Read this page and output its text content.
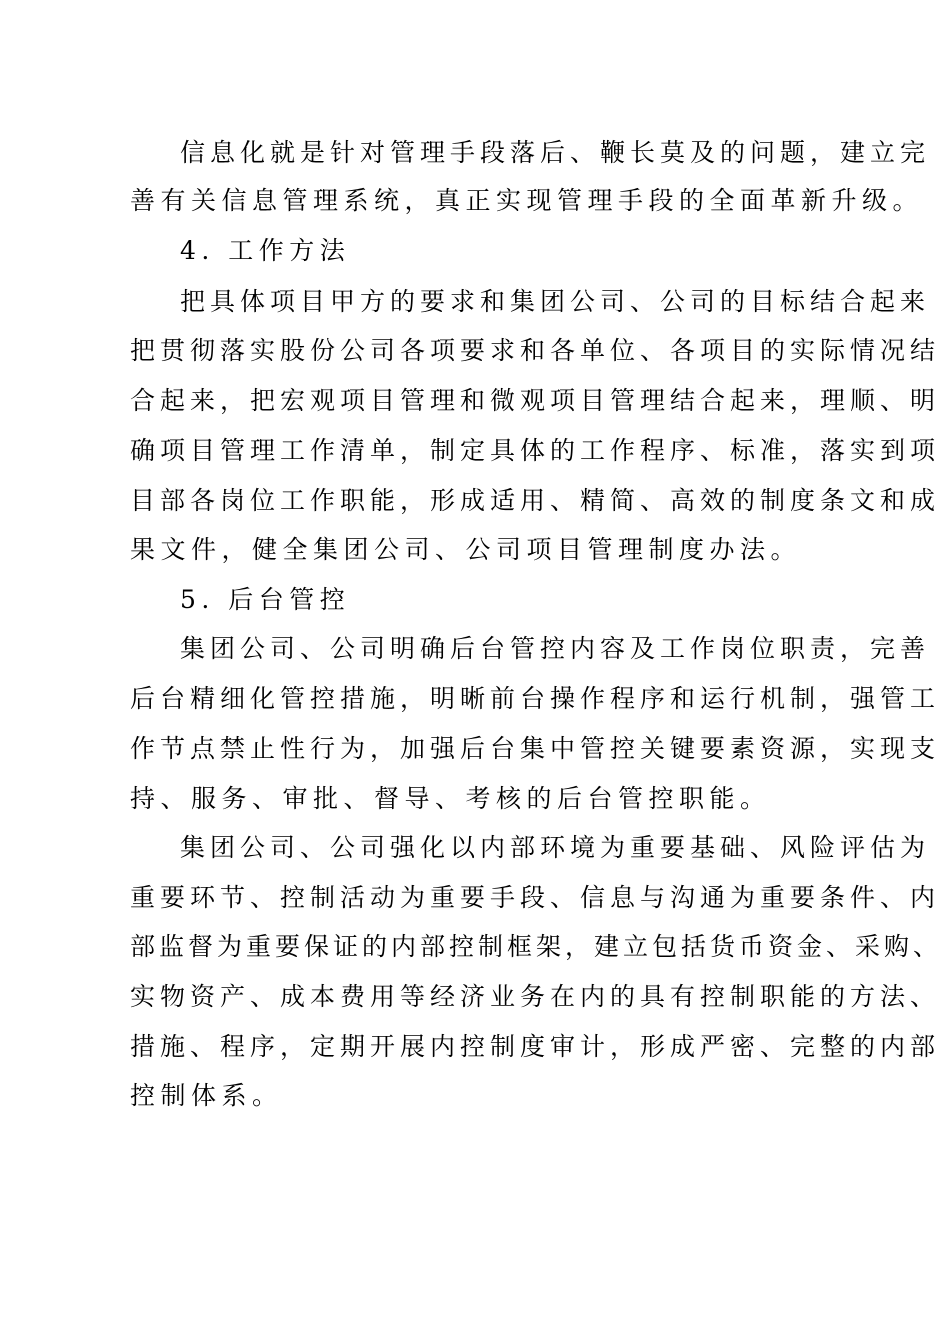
信息化就是针对管理手段落后、鞭长莫及的问题，建立完
善有关信息管理系统，真正实现管理手段的全面革新升级。
4. 工作方法
把具体项目甲方的要求和集团公司、公司的目标结合起来
把贯彻落实股份公司各项要求和各单位、各项目的实际情况结
合起来，把宏观项目管理和微观项目管理结合起来，理顺、明
确项目管理工作清单，制定具体的工作程序、标准，落实到项
目部各岗位工作职能，形成适用、精简、高效的制度条文和成
果文件，健全集团公司、公司项目管理制度办法。
5. 后台管控
集团公司、公司明确后台管控内容及工作岗位职责，完善
后台精细化管控措施，明晰前台操作程序和运行机制，强管工
作节点禁止性行为，加强后台集中管控关键要素资源，实现支
持、服务、审批、督导、考核的后台管控职能。
集团公司、公司强化以内部环境为重要基础、风险评估为
重要环节、控制活动为重要手段、信息与沟通为重要条件、内
部监督为重要保证的内部控制框架，建立包括货币资金、采购、
实物资产、成本费用等经济业务在内的具有控制职能的方法、
措施、程序，定期开展内控制度审计，形成严密、完整的内部
控制体系。
